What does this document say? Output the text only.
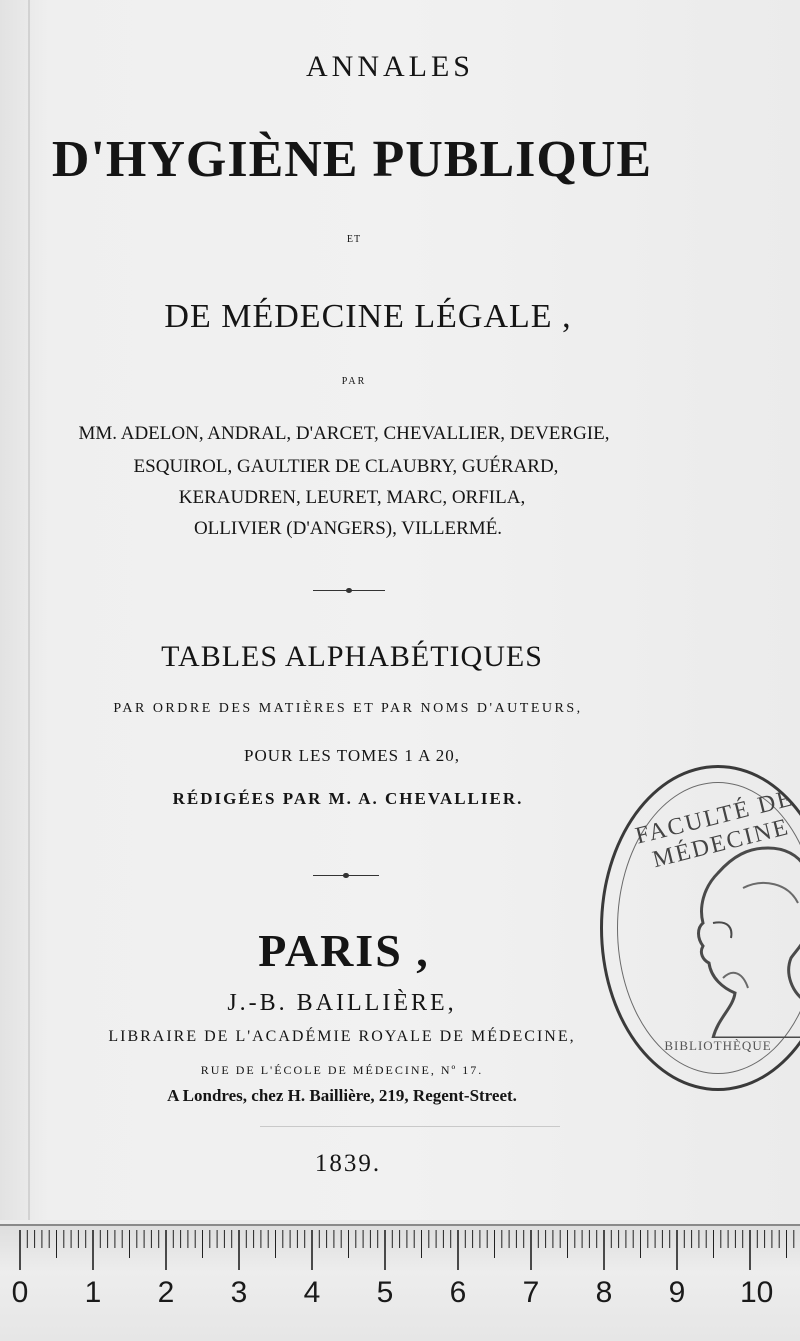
ANNALES
D'HYGIÈNE PUBLIQUE
ET
DE MÉDECINE LÉGALE ,
PAR
MM. ADELON, ANDRAL, D'ARCET, CHEVALLIER, DEVERGIE,
ESQUIROL, GAULTIER DE CLAUBRY, GUÉRARD,
KERAUDREN, LEURET, MARC, ORFILA,
OLLIVIER (D'ANGERS), VILLERMÉ.
TABLES ALPHABÉTIQUES
PAR ORDRE DES MATIÈRES ET PAR NOMS D'AUTEURS,
POUR LES TOMES 1 A 20,
RÉDIGÉES PAR M. A. CHEVALLIER.
PARIS ,
J.-B. BAILLIÈRE,
LIBRAIRE DE L'ACADÉMIE ROYALE DE MÉDECINE,
RUE DE L'ÉCOLE DE MÉDECINE, Nº 17.
A Londres, chez H. Baillière, 219, Regent-Street.
1839.
FACULTÉ DE MÉDECINE
BIBLIOTHÈQUE
0 1 2 3 4 5 6 7 8 9 10
